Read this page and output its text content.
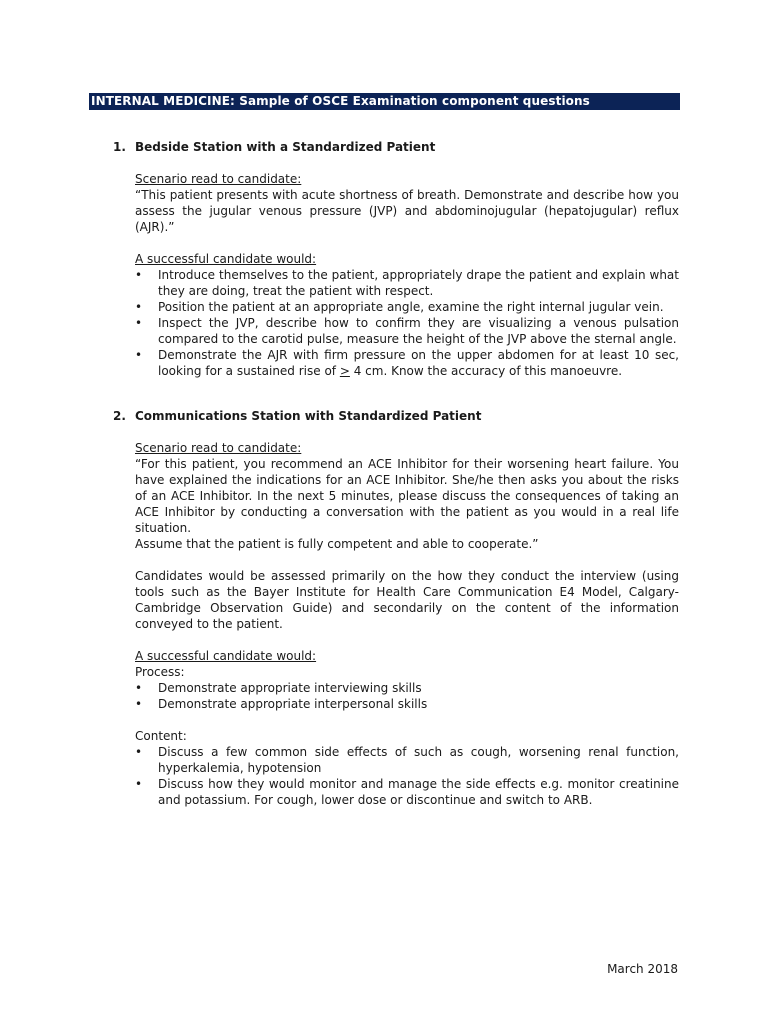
INTERNAL MEDICINE: Sample of OSCE Examination component questions
1. Bedside Station with a Standardized Patient

Scenario read to candidate:

“This patient presents with acute shortness of breath. Demonstrate and describe how you assess the jugular venous pressure (JVP) and abdominojugular (hepatojugular) reflux (AJR).”

A successful candidate would:

• Introduce themselves to the patient, appropriately drape the patient and explain what they are doing, treat the patient with respect.
• Position the patient at an appropriate angle, examine the right internal jugular vein.
• Inspect the JVP, describe how to confirm they are visualizing a venous pulsation compared to the carotid pulse, measure the height of the JVP above the sternal angle.
• Demonstrate the AJR with firm pressure on the upper abdomen for at least 10 sec, looking for a sustained rise of ≥ 4 cm. Know the accuracy of this manoeuvre.
2. Communications Station with Standardized Patient

Scenario read to candidate:

“For this patient, you recommend an ACE Inhibitor for their worsening heart failure. You have explained the indications for an ACE Inhibitor. She/he then asks you about the risks of an ACE Inhibitor. In the next 5 minutes, please discuss the consequences of taking an ACE Inhibitor by conducting a conversation with the patient as you would in a real life situation.

Assume that the patient is fully competent and able to cooperate.”

Candidates would be assessed primarily on the how they conduct the interview (using tools such as the Bayer Institute for Health Care Communication E4 Model, Calgary-Cambridge Observation Guide) and secondarily on the content of the information conveyed to the patient.

A successful candidate would:

Process:

• Demonstrate appropriate interviewing skills
• Demonstrate appropriate interpersonal skills

Content:

• Discuss a few common side effects of such as cough, worsening renal function, hyperkalemia, hypotension
• Discuss how they would monitor and manage the side effects e.g. monitor creatinine and potassium. For cough, lower dose or discontinue and switch to ARB.
March 2018
